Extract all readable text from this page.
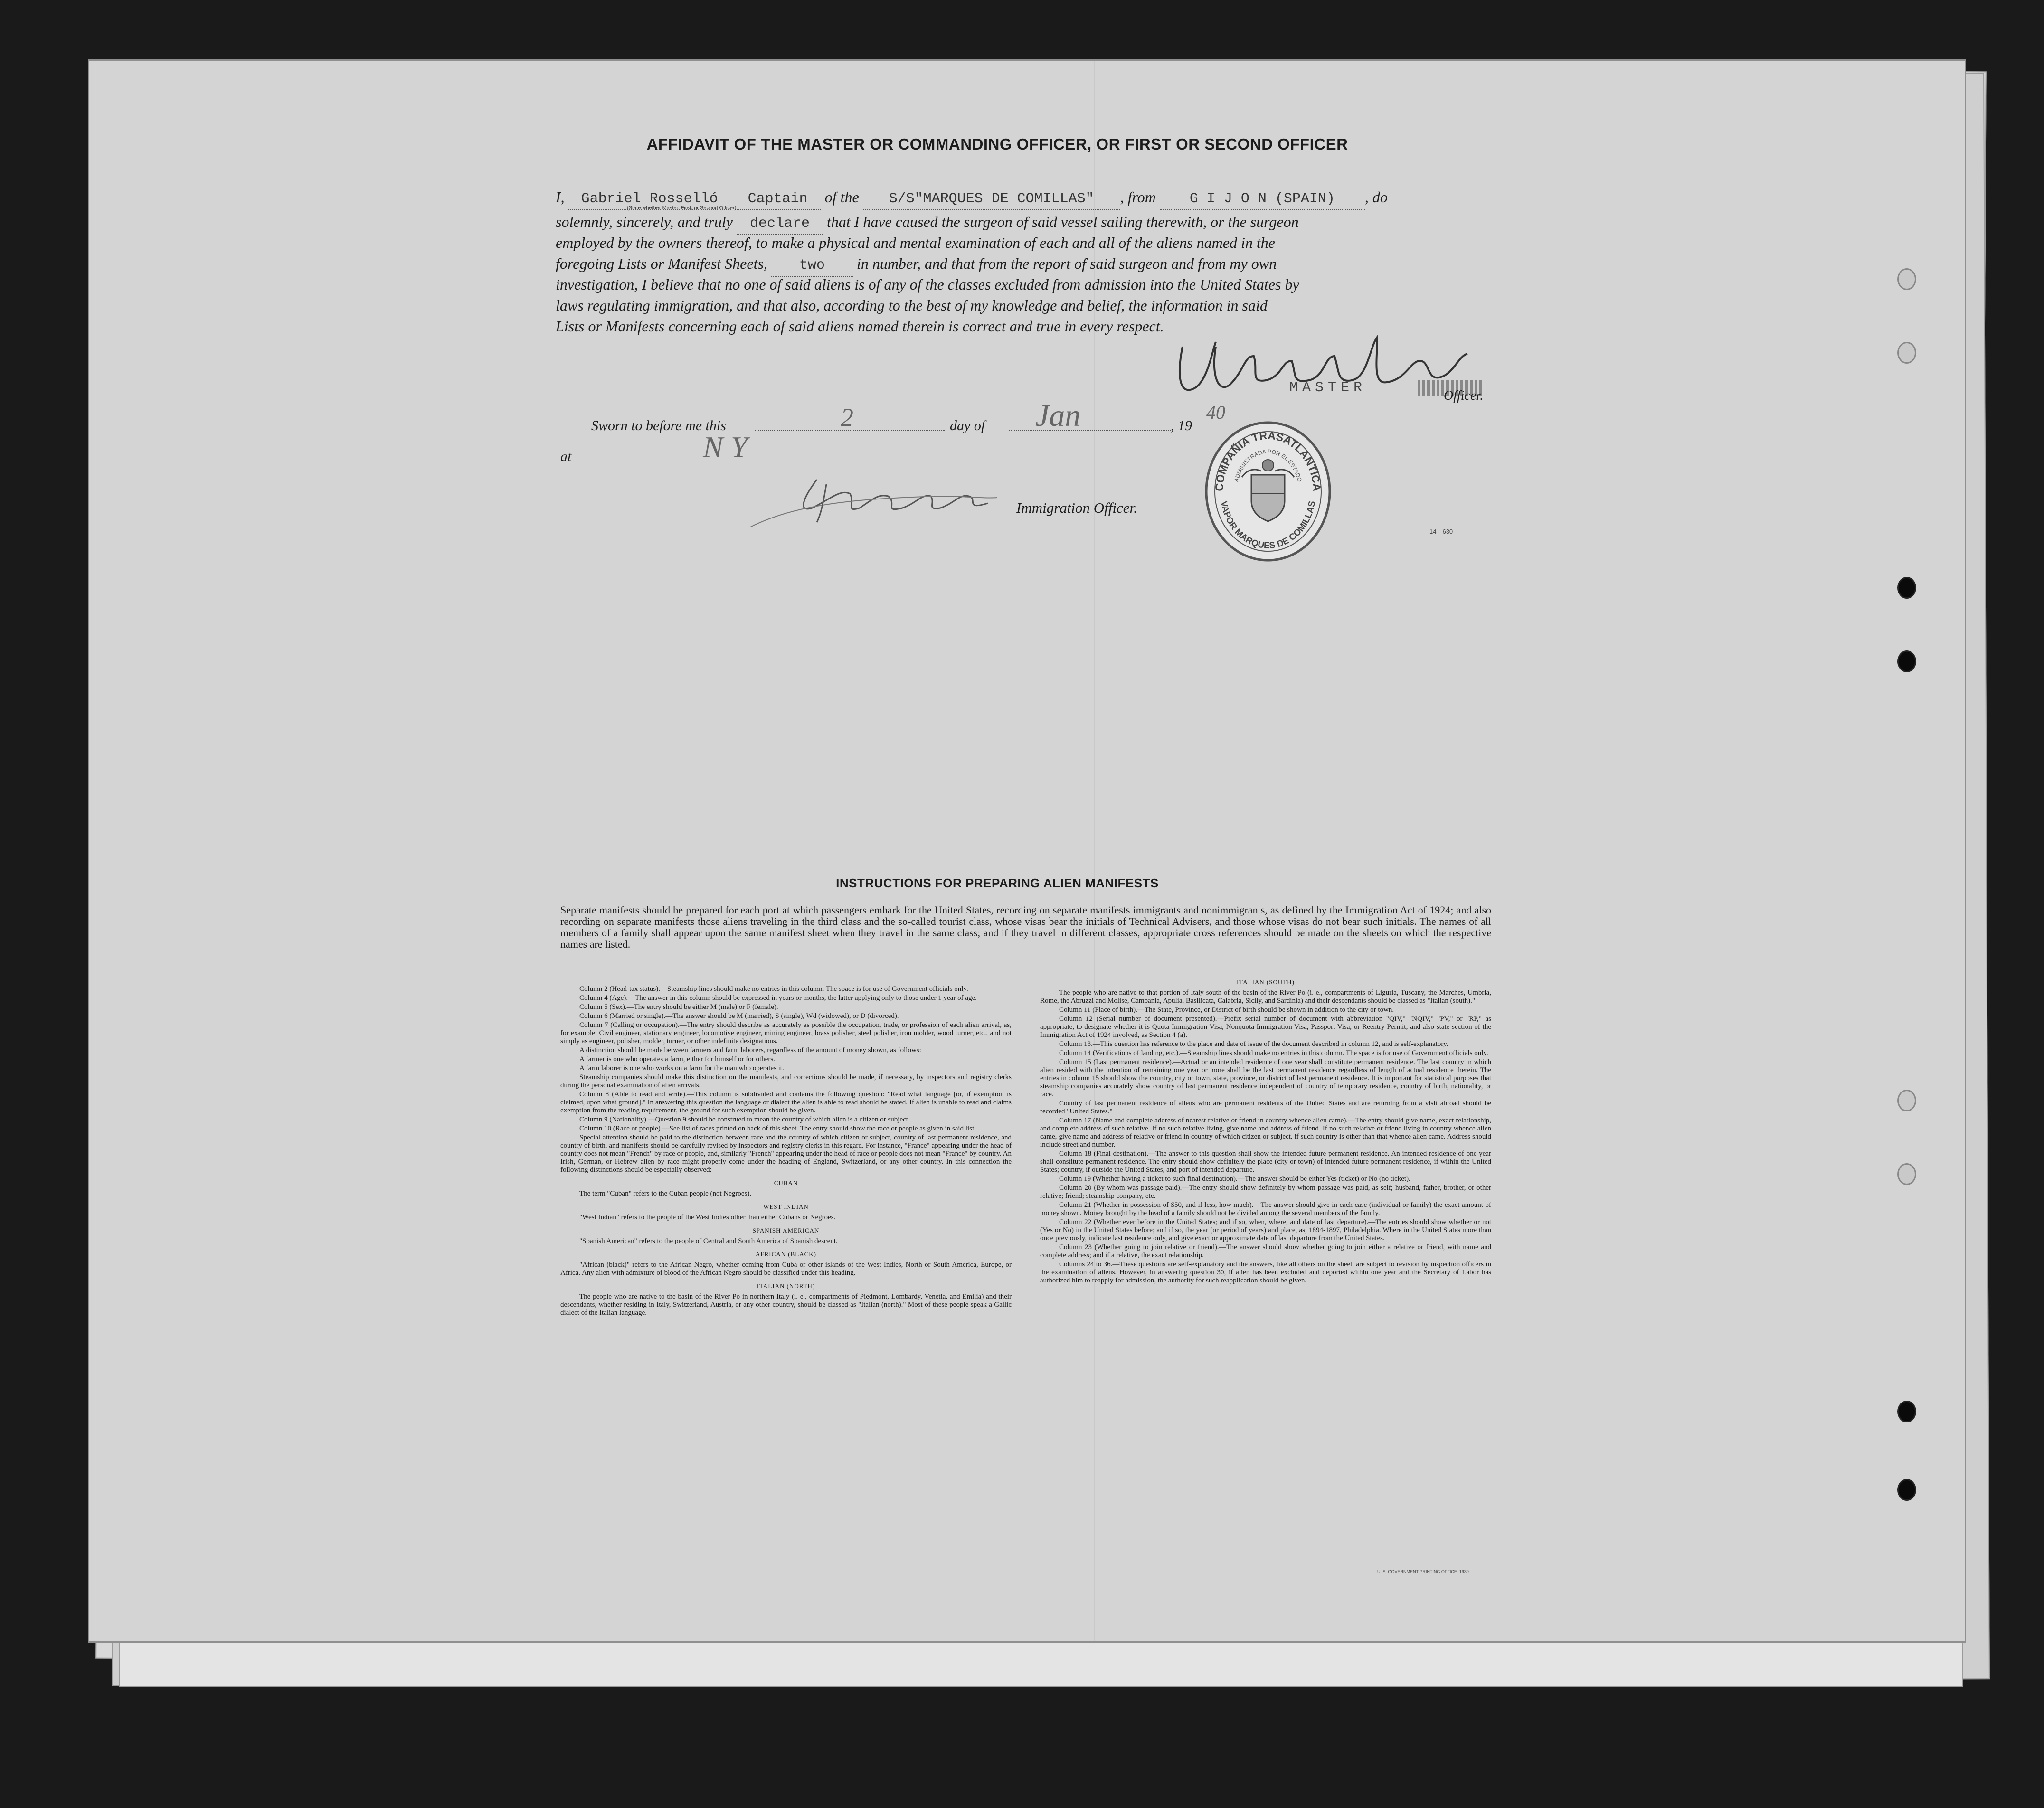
AFFIDAVIT OF THE MASTER OR COMMANDING OFFICER, OR FIRST OR SECOND OFFICER
I, Gabriel Rosselló Captain of the S/S"MARQUES DE COMILLAS" , from G I J O N (SPAIN) , do
(State whether Master, First, or Second Officer)
solemnly, sincerely, and truly declare that I have caused the surgeon of said vessel sailing therewith, or the surgeon
employed by the owners thereof, to make a physical and mental examination of each and all of the aliens named in the
foregoing Lists or Manifest Sheets, two in number, and that from the report of said surgeon and from my own
investigation, I believe that no one of said aliens is of any of the classes excluded from admission into the United States by
laws regulating immigration, and that also, according to the best of my knowledge and belief, the information in said
Lists or Manifests concerning each of said aliens named therein is correct and true in every respect.
MASTER	Officer.
Sworn to before me this	2	day of Jan	, 19
40
at	N Y
Immigration Officer.
14—630
COMPAÑIA TRASATLANTICA
ADMINISTRADA POR EL ESTADO
VAPOR MARQUES DE COMILLAS
INSTRUCTIONS FOR PREPARING ALIEN MANIFESTS
Separate manifests should be prepared for each port at which passengers embark for the United States, recording on separate manifests immigrants and nonimmigrants, as defined by the Immigration Act of 1924; and also recording on separate manifests those aliens traveling in the third class and the so-called tourist class, whose visas bear the initials of Technical Advisers, and those whose visas do not bear such initials. The names of all members of a family shall appear upon the same manifest sheet when they travel in the same class; and if they travel in different classes, appropriate cross references should be made on the sheets on which the respective names are listed.

Column 2 (Head-tax status).—Steamship lines should make no entries in this column. The space is for use of Government officials only.

Column 4 (Age).—The answer in this column should be expressed in years or months, the latter applying only to those under 1 year of age.

Column 5 (Sex).—The entry should be either M (male) or F (female).

Column 6 (Married or single).—The answer should be M (married), S (single), Wd (widowed), or D (divorced).

Column 7 (Calling or occupation).—The entry should describe as accurately as possible the occupation, trade, or profession of each alien arrival, as, for example: Civil engineer, stationary engineer, locomotive engineer, mining engineer, brass polisher, steel polisher, iron molder, wood turner, etc., and not simply as engineer, polisher, molder, turner, or other indefinite designations.

A distinction should be made between farmers and farm laborers, regardless of the amount of money shown, as follows:

A farmer is one who operates a farm, either for himself or for others.

A farm laborer is one who works on a farm for the man who operates it.

Steamship companies should make this distinction on the manifests, and corrections should be made, if necessary, by inspectors and registry clerks during the personal examination of alien arrivals.

Column 8 (Able to read and write).—This column is subdivided and contains the following question: "Read what language [or, if exemption is claimed, upon what ground]." In answering this question the language or dialect the alien is able to read should be stated. If alien is unable to read and claims exemption from the reading requirement, the ground for such exemption should be given.

Column 9 (Nationality).—Question 9 should be construed to mean the country of which alien is a citizen or subject.

Column 10 (Race or people).—See list of races printed on back of this sheet. The entry should show the race or people as given in said list.

Special attention should be paid to the distinction between race and the country of which citizen or subject, country of last permanent residence, and country of birth, and manifests should be carefully revised by inspectors and registry clerks in this regard. For instance, "France" appearing under the head of country does not mean "French" by race or people, and, similarly "French" appearing under the head of race or people does not mean "France" by country. An Irish, German, or Hebrew alien by race might properly come under the heading of England, Switzerland, or any other country. In this connection the following distinctions should be especially observed:

CUBAN

The term "Cuban" refers to the Cuban people (not Negroes).

WEST INDIAN

"West Indian" refers to the people of the West Indies other than either Cubans or Negroes.

SPANISH AMERICAN

"Spanish American" refers to the people of Central and South America of Spanish descent.

AFRICAN (BLACK)

"African (black)" refers to the African Negro, whether coming from Cuba or other islands of the West Indies, North or South America, Europe, or Africa. Any alien with admixture of blood of the African Negro should be classified under this heading.

ITALIAN (NORTH)

The people who are native to the basin of the River Po in northern Italy (i. e., compartments of Piedmont, Lombardy, Venetia, and Emilia) and their descendants, whether residing in Italy, Switzerland, Austria, or any other country, should be classed as "Italian (north)." Most of these people speak a Gallic dialect of the Italian language.

ITALIAN (SOUTH)

The people who are native to that portion of Italy south of the basin of the River Po (i. e., compartments of Liguria, Tuscany, the Marches, Umbria, Rome, the Abruzzi and Molise, Campania, Apulia, Basilicata, Calabria, Sicily, and Sardinia) and their descendants should be classed as "Italian (south)."

Column 11 (Place of birth).—The State, Province, or District of birth should be shown in addition to the city or town.

Column 12 (Serial number of document presented).—Prefix serial number of document with abbreviation "QIV," "NQIV," "PV," or "RP," as appropriate, to designate whether it is Quota Immigration Visa, Nonquota Immigration Visa, Passport Visa, or Reentry Permit; and also state section of the Immigration Act of 1924 involved, as Section 4 (a).

Column 13.—This question has reference to the place and date of issue of the document described in column 12, and is self-explanatory.

Column 14 (Verifications of landing, etc.).—Steamship lines should make no entries in this column. The space is for use of Government officials only.

Column 15 (Last permanent residence).—Actual or an intended residence of one year shall constitute permanent residence. The last country in which alien resided with the intention of remaining one year or more shall be the last permanent residence regardless of length of actual residence therein. The entries in column 15 should show the country, city or town, state, province, or district of last permanent residence. It is important for statistical purposes that steamship companies accurately show country of last permanent residence independent of country of temporary residence, country of birth, nationality, or race.

Country of last permanent residence of aliens who are permanent residents of the United States and are returning from a visit abroad should be recorded "United States."

Column 17 (Name and complete address of nearest relative or friend in country whence alien came).—The entry should give name, exact relationship, and complete address of such relative. If no such relative living, give name and address of friend. If no such relative or friend living in country whence alien came, give name and address of relative or friend in country of which citizen or subject, if such country is other than that whence alien came. Address should include street and number.

Column 18 (Final destination).—The answer to this question shall show the intended future permanent residence. An intended residence of one year shall constitute permanent residence. The entry should show definitely the place (city or town) of intended future permanent residence, if within the United States; country, if outside the United States, and port of intended departure.

Column 19 (Whether having a ticket to such final destination).—The answer should be either Yes (ticket) or No (no ticket).

Column 20 (By whom was passage paid).—The entry should show definitely by whom passage was paid, as self; husband, father, brother, or other relative; friend; steamship company, etc.

Column 21 (Whether in possession of $50, and if less, how much).—The answer should give in each case (individual or family) the exact amount of money shown. Money brought by the head of a family should not be divided among the several members of the family.

Column 22 (Whether ever before in the United States; and if so, when, where, and date of last departure).—The entries should show whether or not (Yes or No) in the United States before; and if so, the year (or period of years) and place, as, 1894-1897, Philadelphia. Where in the United States more than once previously, indicate last residence only, and give exact or approximate date of last departure from the United States.

Column 23 (Whether going to join relative or friend).—The answer should show whether going to join either a relative or friend, with name and complete address; and if a relative, the exact relationship.

Columns 24 to 36.—These questions are self-explanatory and the answers, like all others on the sheet, are subject to revision by inspection officers in the examination of aliens. However, in answering question 30, if alien has been excluded and deported within one year and the Secretary of Labor has authorized him to reapply for admission, the authority for such reapplication should be given.

U. S. GOVERNMENT PRINTING OFFICE: 1939
